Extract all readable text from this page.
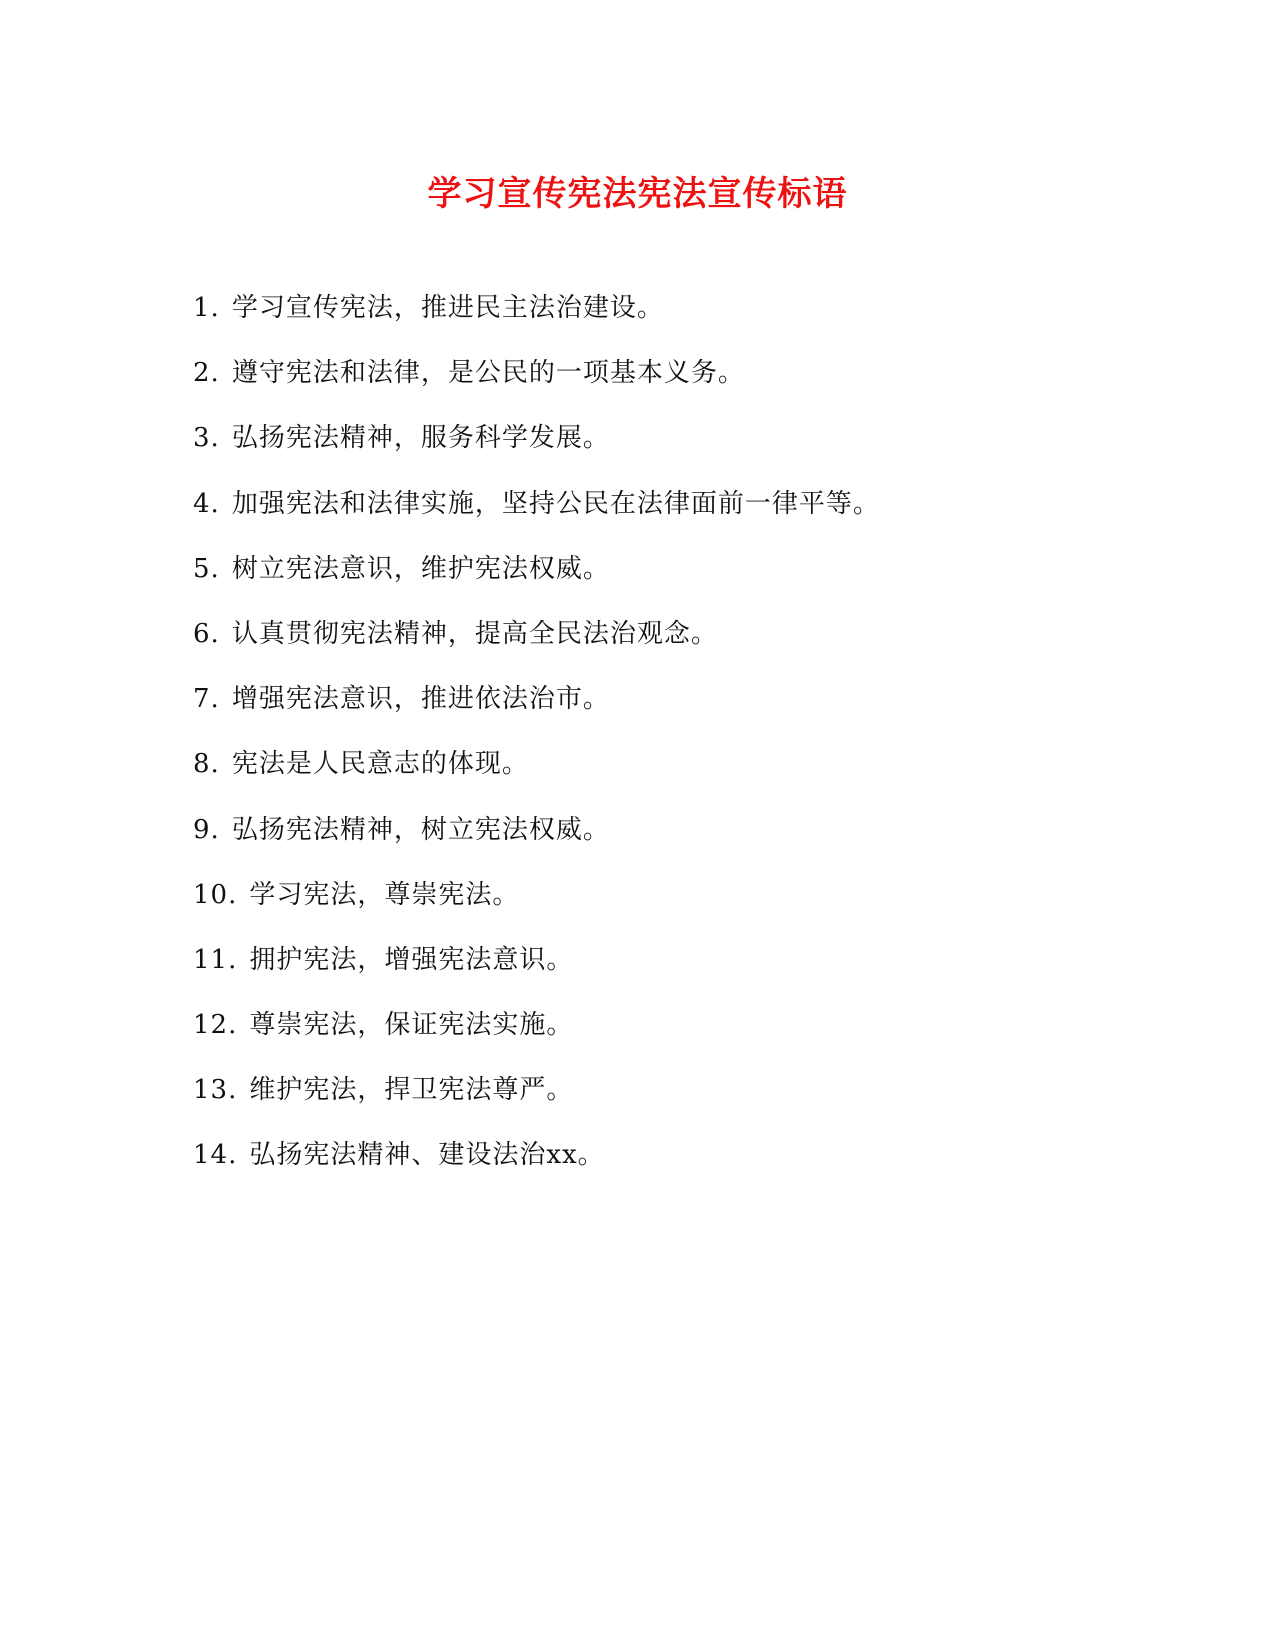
学习宣传宪法宪法宣传标语
1. 学习宣传宪法，推进民主法治建设。
2. 遵守宪法和法律，是公民的一项基本义务。
3. 弘扬宪法精神，服务科学发展。
4. 加强宪法和法律实施，坚持公民在法律面前一律平等。
5. 树立宪法意识，维护宪法权威。
6. 认真贯彻宪法精神，提高全民法治观念。
7. 增强宪法意识，推进依法治市。
8. 宪法是人民意志的体现。
9. 弘扬宪法精神，树立宪法权威。
10. 学习宪法，尊崇宪法。
11. 拥护宪法，增强宪法意识。
12. 尊崇宪法，保证宪法实施。
13. 维护宪法，捍卫宪法尊严。
14. 弘扬宪法精神、建设法治xx。
